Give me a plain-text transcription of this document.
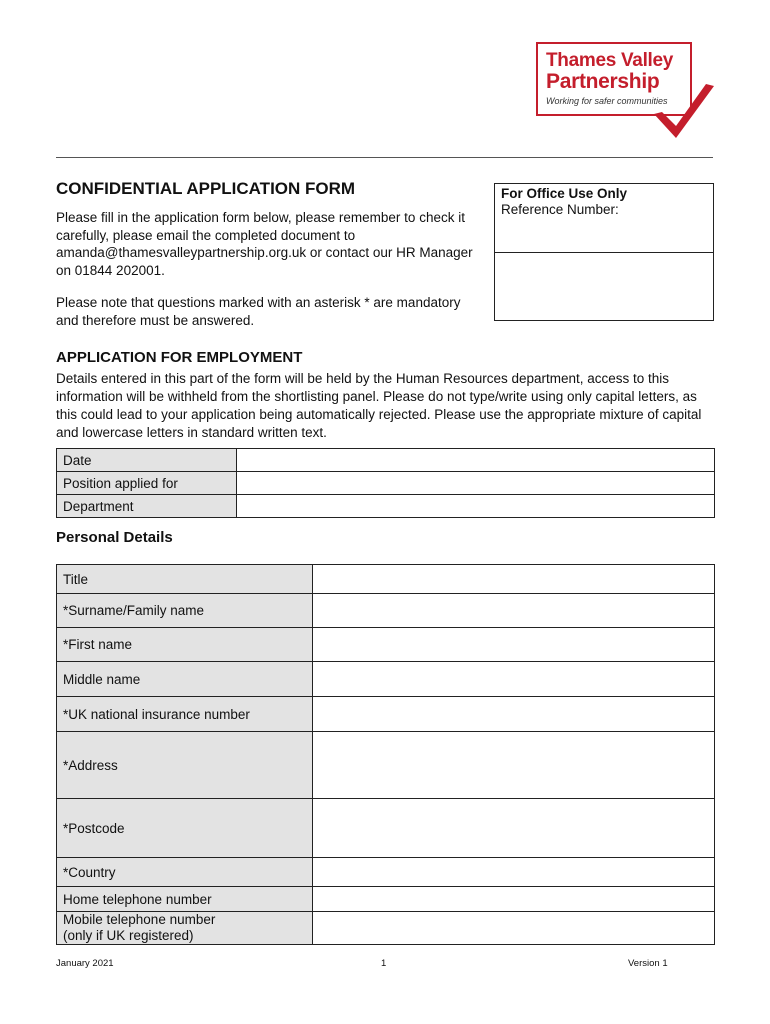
Thames Valley
Partnership
Working for safer communities
CONFIDENTIAL APPLICATION FORM

Please fill in the application form below, please remember to check it carefully, please email the completed document to amanda@thamesvalleypartnership.org.uk or contact our HR Manager on 01844 202001.

Please note that questions marked with an asterisk * are mandatory and therefore must be answered.

For Office Use Only
Reference Number:
APPLICATION FOR EMPLOYMENT

Details entered in this part of the form will be held by the Human Resources department, access to this information will be withheld from the shortlisting panel. Please do not type/write using only capital letters, as this could lead to your application being automatically rejected. Please use the appropriate mixture of capital and lowercase letters in standard written text.

Date	
Position applied for	
Department	
Personal Details
Title	
*Surname/Family name	
*First name	
Middle name	
*UK national insurance number	
*Address	
*Postcode	
*Country	
Home telephone number	

Mobile telephone number
(only if UK registered)	

January 2021	1	Version 1
